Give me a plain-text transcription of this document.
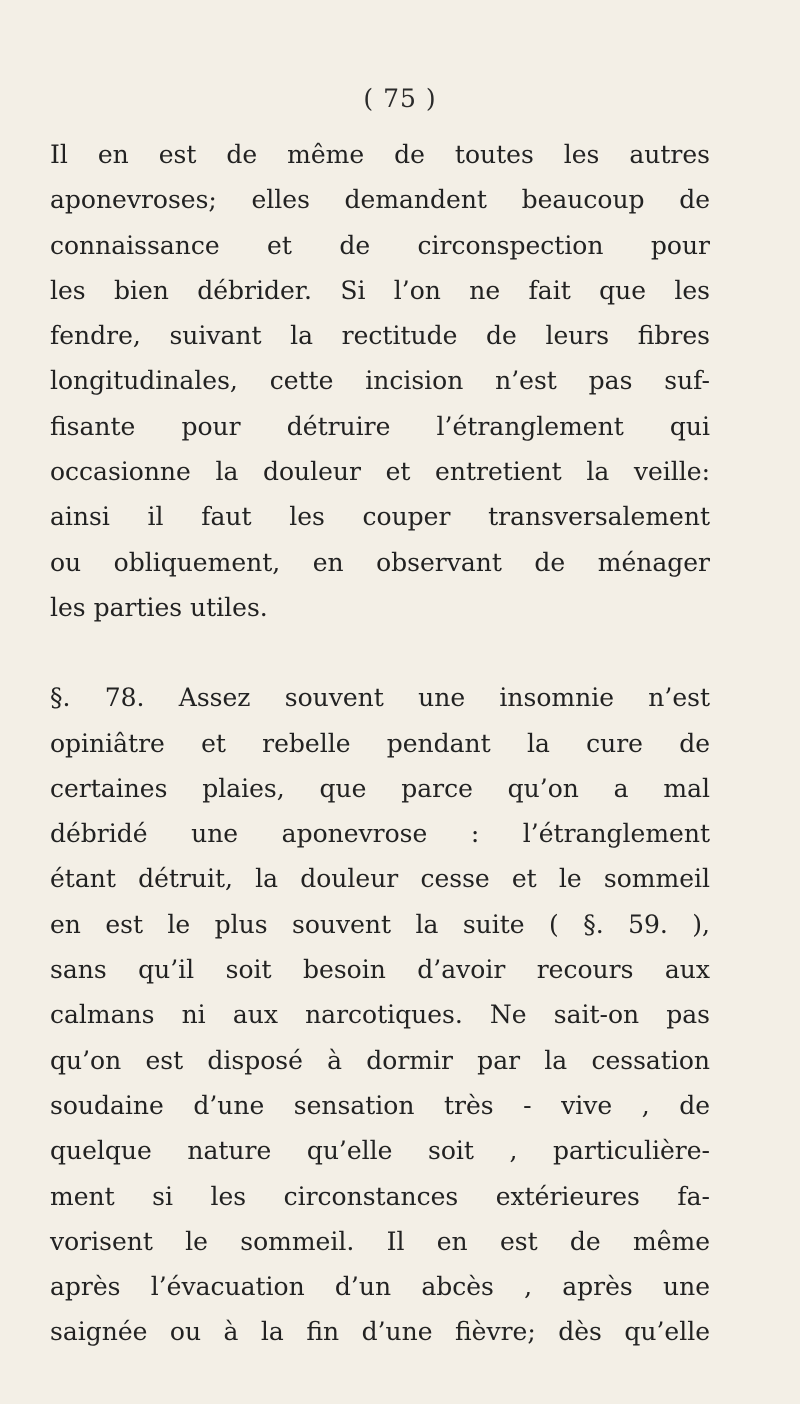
( 75 )
Il en est de même de toutes les autres
aponevroses; elles demandent beaucoup de
connaissance et de circonspection pour
les bien débrider. Si l’on ne fait que les
fendre, suivant la rectitude de leurs fibres
longitudinales, cette incision n’est pas suf-
fisante pour détruire l’étranglement qui
occasionne la douleur et entretient la veille:
ainsi il faut les couper transversalement
ou obliquement, en observant de ménager
les parties utiles.
§. 78. Assez souvent une insomnie n’est
opiniâtre et rebelle pendant la cure de
certaines plaies, que parce qu’on a mal
débridé une aponevrose : l’étranglement
étant détruit, la douleur cesse et le sommeil
en est le plus souvent la suite ( §. 59. ),
sans qu’il soit besoin d’avoir recours aux
calmans ni aux narcotiques. Ne sait-on pas
qu’on est disposé à dormir par la cessation
soudaine d’une sensation très - vive , de
quelque nature qu’elle soit , particulière-
ment si les circonstances extérieures fa-
vorisent le sommeil. Il en est de même
après l’évacuation d’un abcès , après une
saignée ou à la fin d’une fièvre; dès qu’elle
